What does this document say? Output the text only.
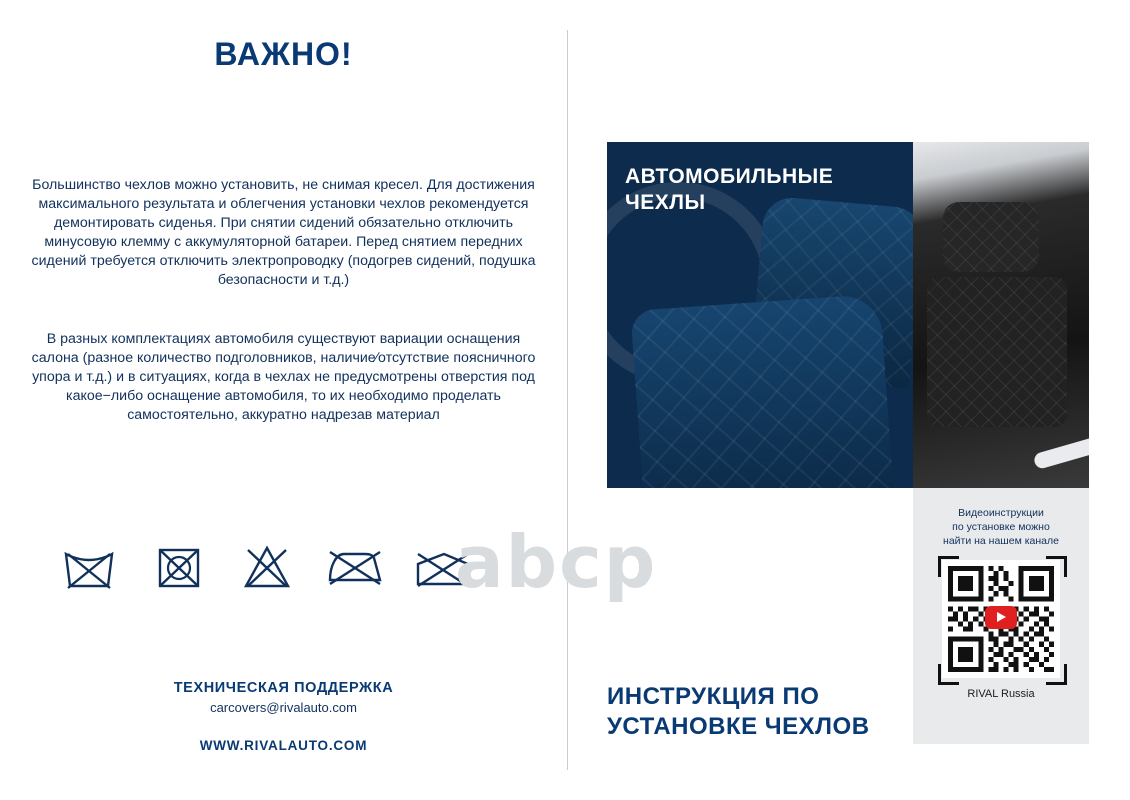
ВАЖНО!
Большинство чехлов можно установить, не снимая кресел. Для достижения максимального результата и облегчения установки чехлов рекомендуется демонтировать сиденья. При снятии сидений обязательно отключить минусовую клемму с аккумуляторной батареи. Перед снятием передних сидений требуется отключить электропроводку (подогрев сидений, подушка безопасности и т.д.)
В разных комплектациях автомобиля существуют вариации оснащения салона (разное количество подголовников, наличие∕отсутствие поясничного упора и т.д.) и в ситуациях, когда в чехлах не предусмотрены отверстия под какое−либо оснащение автомобиля, то их необходимо проделать самостоятельно, аккуратно надрезав материал
ТЕХНИЧЕСКАЯ ПОДДЕРЖКА
carcovers@rivalauto.com
WWW.RIVALAUTO.COM
abcp
АВТОМОБИЛЬНЫЕ
ЧЕХЛЫ
Видеоинструкции
по установке можно
найти на нашем канале
RIVAL Russia
ИНСТРУКЦИЯ ПО
УСТАНОВКЕ ЧЕХЛОВ
